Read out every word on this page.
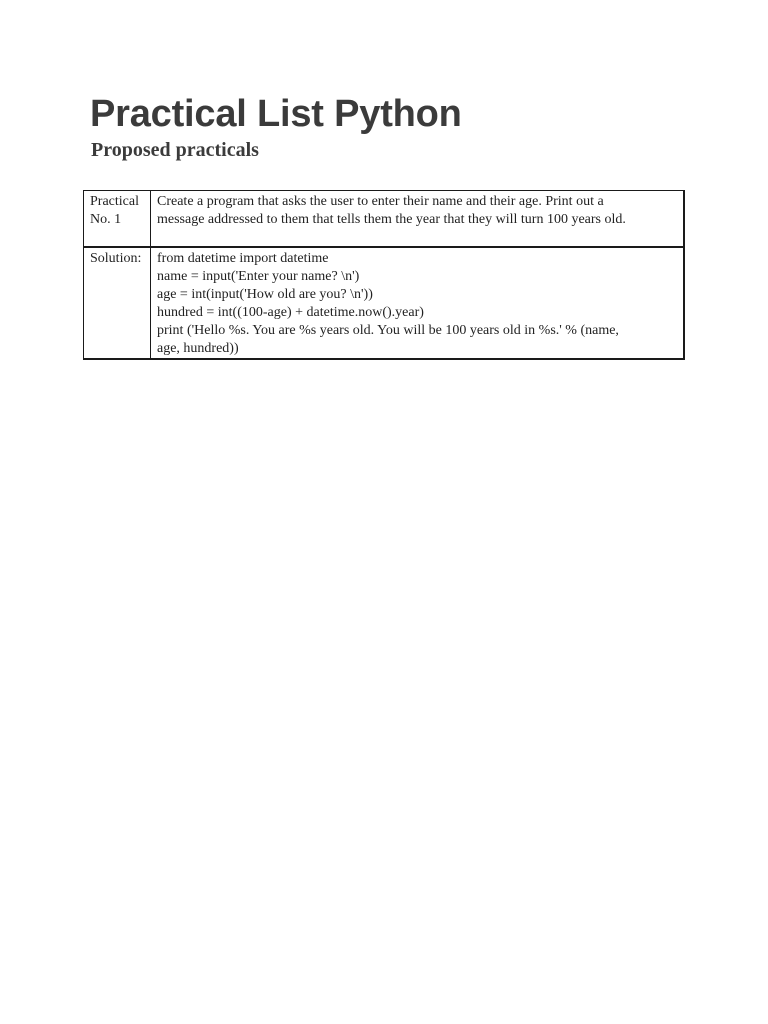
Practical List Python
Proposed practicals
Practical
No. 1	Create a program that asks the user to enter their name and their age. Print out a
message addressed to them that tells them the year that they will turn 100 years old.

Solution:	from datetime import datetime
name = input('Enter your name? \n')
age = int(input('How old are you? \n'))
hundred = int((100-age) + datetime.now().year)
print ('Hello %s. You are %s years old. You will be 100 years old in %s.' % (name,
age, hundred))
